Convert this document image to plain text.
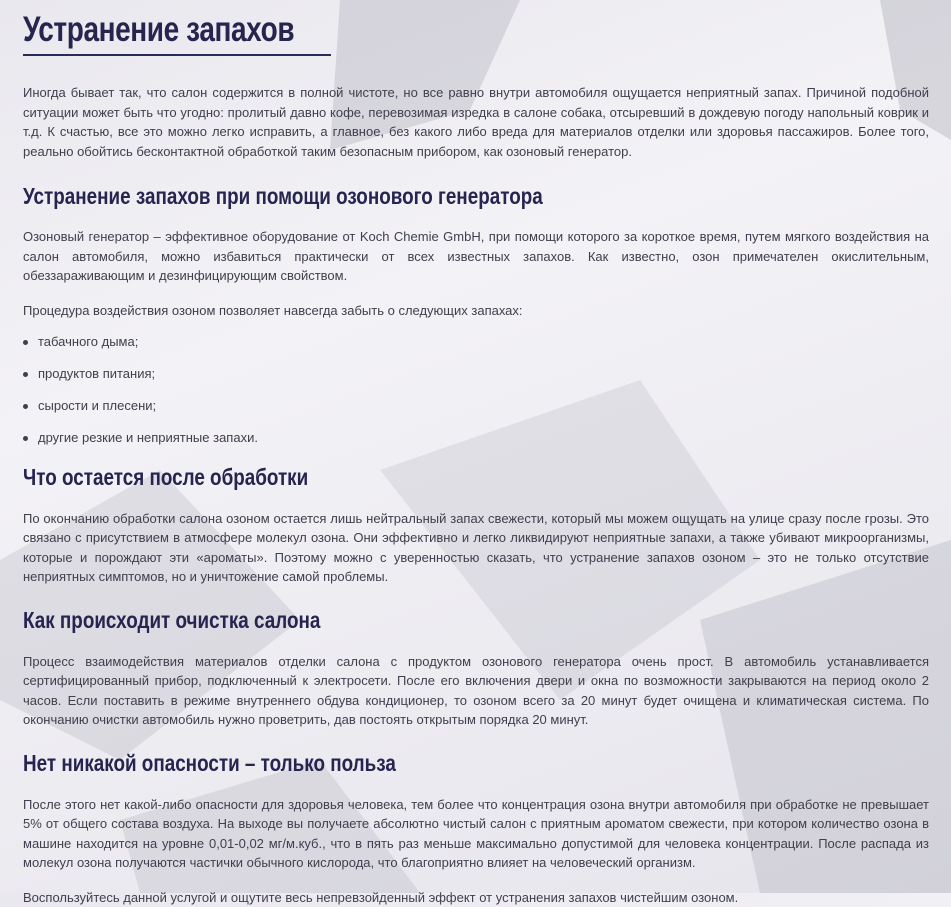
Устранение запахов

Иногда бывает так, что салон содержится в полной чистоте, но все равно внутри автомобиля ощущается неприятный запах. Причиной подобной ситуации может быть что угодно: пролитый давно кофе, перевозимая изредка в салоне собака, отсыревший в дождевую погоду напольный коврик и т.д. К счастью, все это можно легко исправить, а главное, без какого либо вреда для материалов отделки или здоровья пассажиров. Более того, реально обойтись бесконтактной обработкой таким безопасным прибором, как озоновый генератор.

Устранение запахов при помощи озонового генератора

Озоновый генератор – эффективное оборудование от Koch Chemie GmbH, при помощи которого за короткое время, путем мягкого воздействия на салон автомобиля, можно избавиться практически от всех известных запахов. Как известно, озон примечателен окислительным, обеззараживающим и дезинфицирующим свойством.

Процедура воздействия озоном позволяет навсегда забыть о следующих запахах:

табачного дыма;
продуктов питания;
сырости и плесени;
другие резкие и неприятные запахи.
Что остается после обработки

По окончанию обработки салона озоном остается лишь нейтральный запах свежести, который мы можем ощущать на улице сразу после грозы. Это связано с присутствием в атмосфере молекул озона. Они эффективно и легко ликвидируют неприятные запахи, а также убивают микроорганизмы, которые и порождают эти «ароматы». Поэтому можно с уверенностью сказать, что устранение запахов озоном – это не только отсутствие неприятных симптомов, но и уничтожение самой проблемы.

Как происходит очистка салона

Процесс взаимодействия материалов отделки салона с продуктом озонового генератора очень прост. В автомобиль устанавливается сертифицированный прибор, подключенный к электросети. После его включения двери и окна по возможности закрываются на период около 2 часов. Если поставить в режиме внутреннего обдува кондиционер, то озоном всего за 20 минут будет очищена и климатическая система. По окончанию очистки автомобиль нужно проветрить, дав постоять открытым порядка 20 минут.

Нет никакой опасности – только польза

После этого нет какой-либо опасности для здоровья человека, тем более что концентрация озона внутри автомобиля при обработке не превышает 5% от общего состава воздуха. На выходе вы получаете абсолютно чистый салон с приятным ароматом свежести, при котором количество озона в машине находится на уровне 0,01-0,02 мг/м.куб., что в пять раз меньше максимально допустимой для человека концентрации. После распада из молекул озона получаются частички обычного кислорода, что благоприятно влияет на человеческий организм.

Воспользуйтесь данной услугой и ощутите весь непревзойденный эффект от устранения запахов чистейшим озоном.
